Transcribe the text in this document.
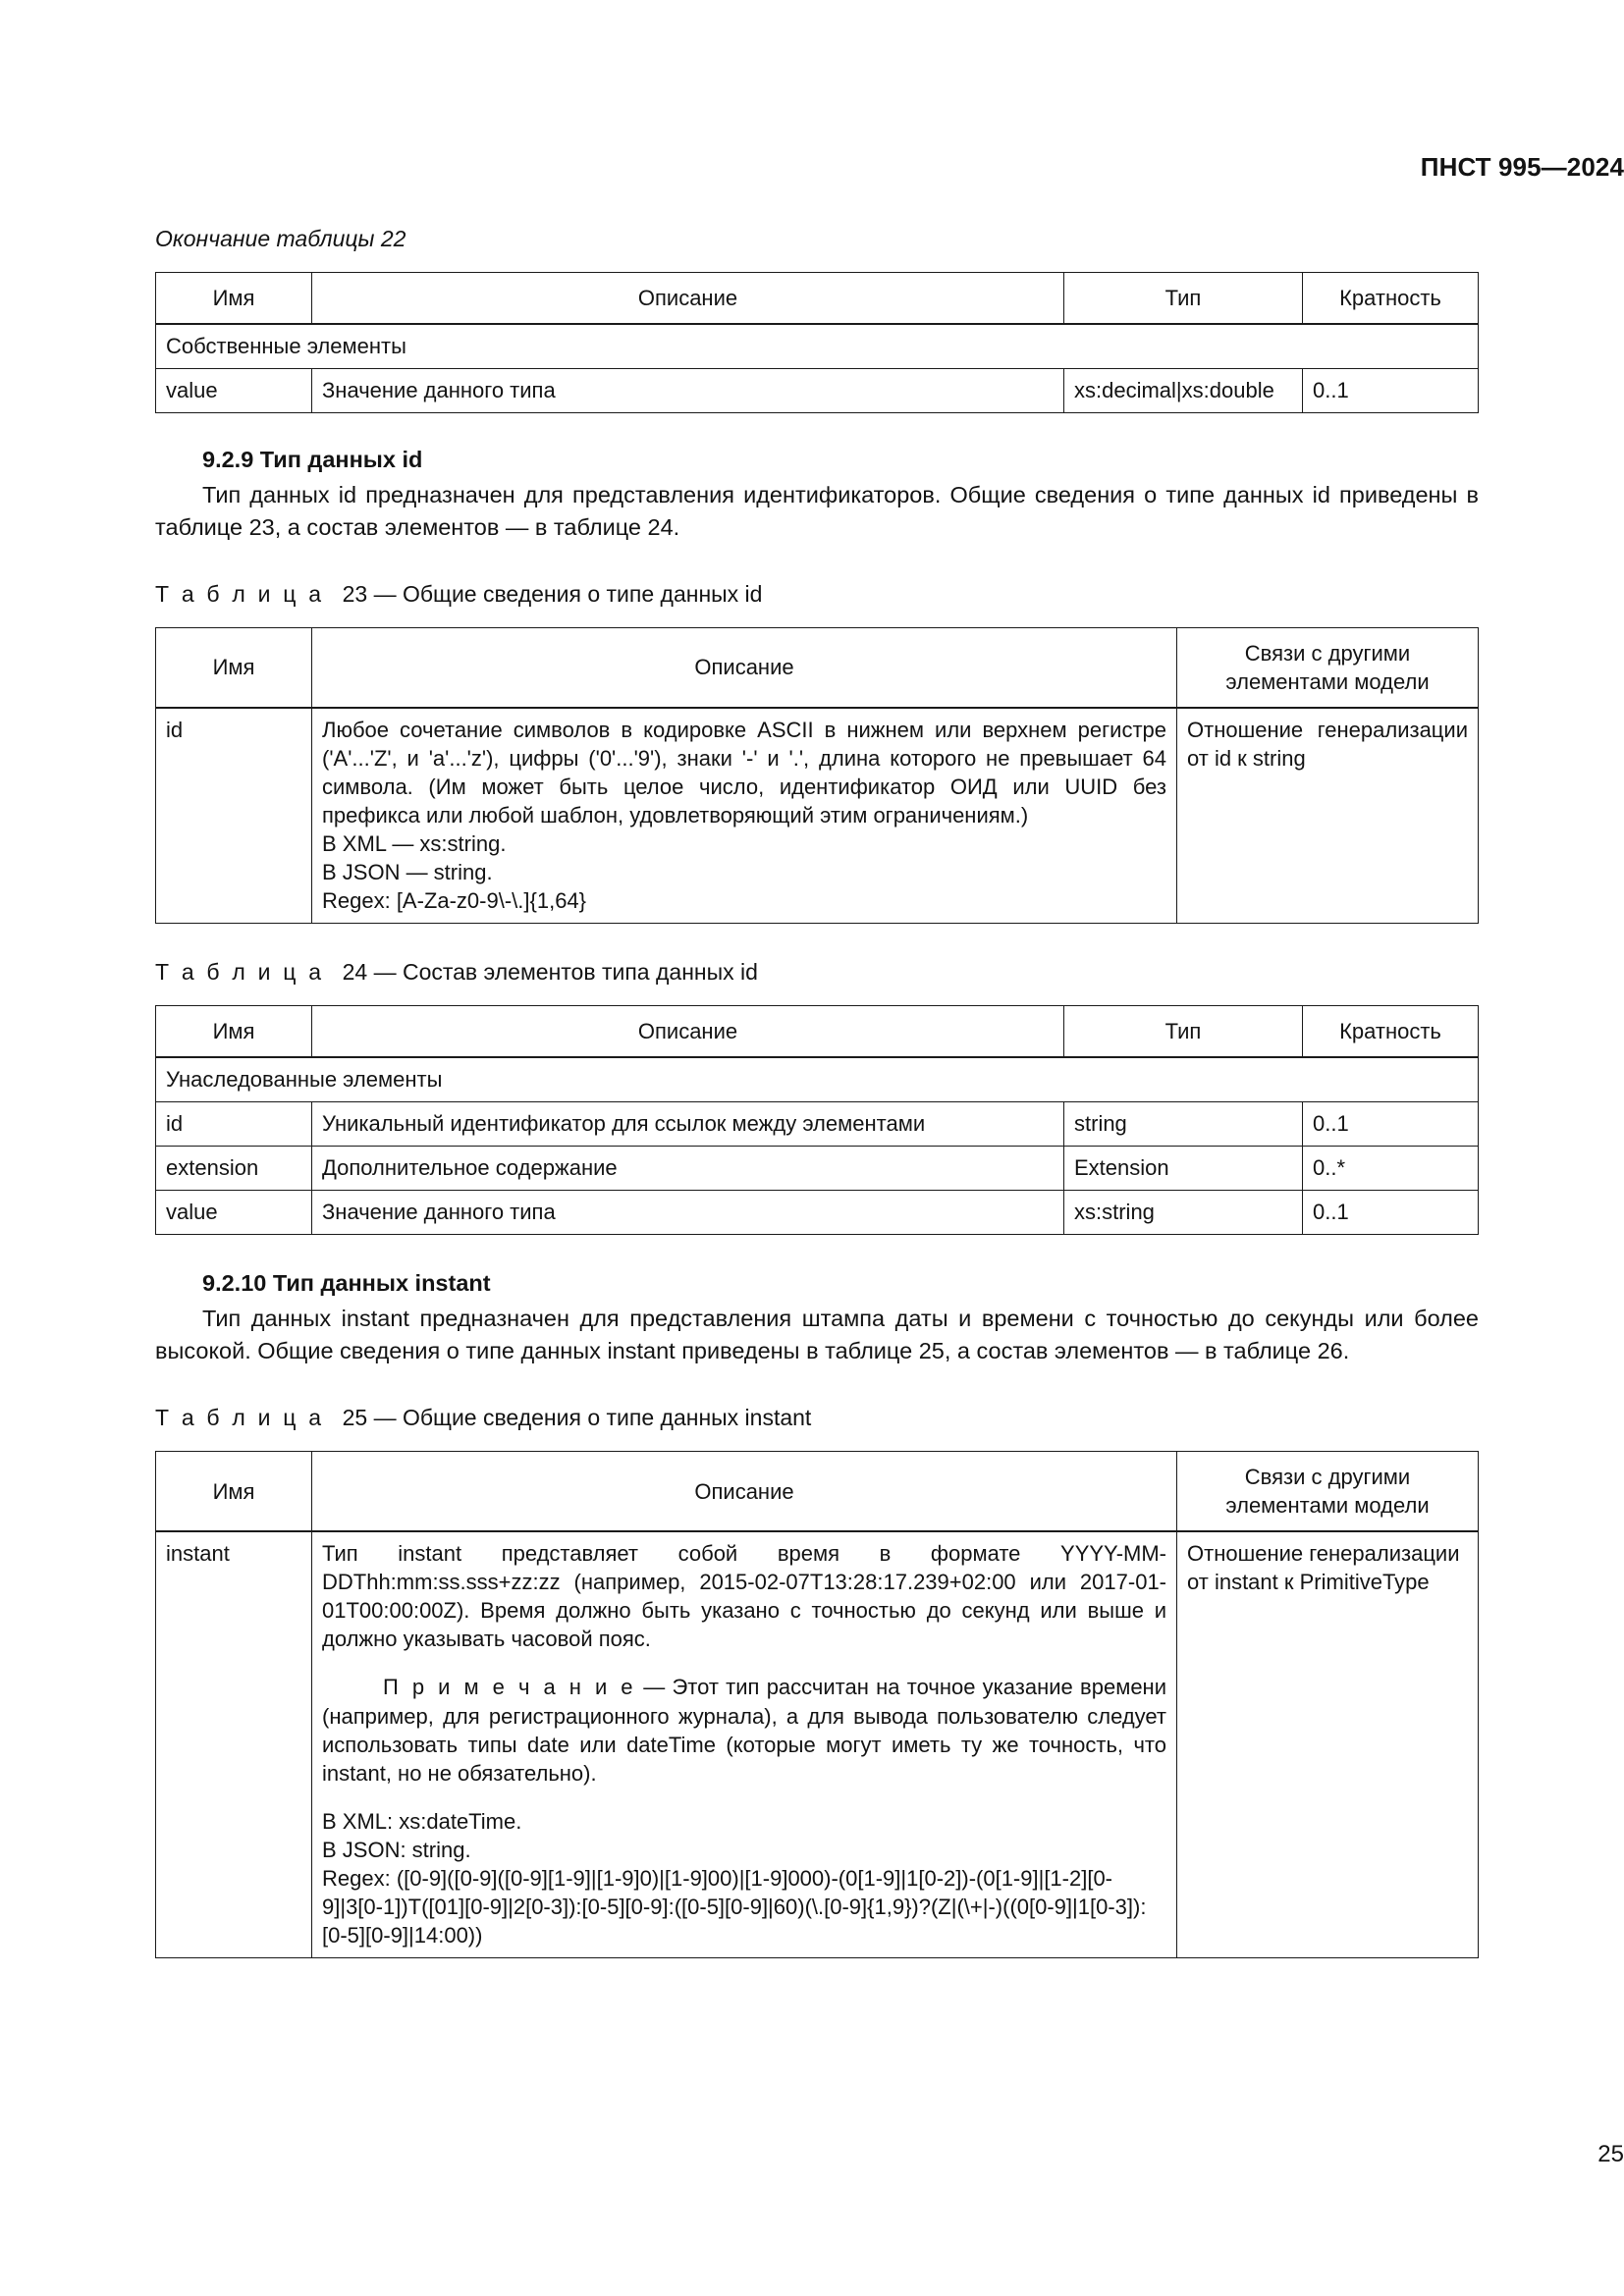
ПНСТ 995—2024

Окончание таблицы 22

Имя	Описание	Тип	Кратность
Собственные элементы			
value	Значение данного типа	xs:decimal|xs:double	0..1

9.2.9 Тип данных id

Тип данных id предназначен для представления идентификаторов. Общие сведения о типе данных id приведены в таблице 23, а состав элементов — в таблице 24.

Т а б л и ц а 23 — Общие сведения о типе данных id

Имя	Описание	Связи с другими
элементами модели

id	Любое сочетание символов в кодировке ASCII в нижнем или верхнем регистре ('A'...'Z', и 'a'...'z'), цифры ('0'...'9'), знаки '-' и '.', длина которого не превышает 64 символа. (Им может быть целое число, идентификатор ОИД или UUID без префикса или любой шаблон, удовлетворяющий этим ограничениям.)

В XML — xs:string.

В JSON — string.

Regex: [A-Za-z0-9\-\.]{1,64}	Отношение генерализации от id к string

Т а б л и ц а 24 — Состав элементов типа данных id

Имя	Описание	Тип	Кратность
Унаследованные элементы			
id	Уникальный идентификатор для ссылок между элементами	string	0..1
extension	Дополнительное содержание	Extension	0..*
value	Значение данного типа	xs:string	0..1

9.2.10 Тип данных instant

Тип данных instant предназначен для представления штампа даты и времени с точностью до секунды или более высокой. Общие сведения о типе данных instant приведены в таблице 25, а состав элементов — в таблице 26.

Т а б л и ц а 25 — Общие сведения о типе данных instant

Имя	Описание	Связи с другими
элементами модели

instant	Тип instant представляет собой время в формате YYYY-MM-DDThh:mm:ss.sss+zz:zz (например, 2015-02-07T13:28:17.239+02:00 или 2017-01-01T00:00:00Z). Время должно быть указано с точностью до секунд или выше и должно указывать часовой пояс.

П р и м е ч а н и е — Этот тип рассчитан на точное указание времени (например, для регистрационного журнала), а для вывода пользователю следует использовать типы date или dateTime (которые могут иметь ту же точность, что instant, но не обязательно).

В XML: xs:dateTime.

В JSON: string.

Regex: ([0-9]([0-9]([0-9][1-9]|[1-9]0)|[1-9]00)|[1-9]000)-(0[1-9]|1[0-2])-(0[1-9]|[1-2][0-9]|3[0-1])T([01][0-9]|2[0-3]):[0-5][0-9]:([0-5][0-9]|60)(\.[0-9]{1,9})?(Z|(\+|-)((0[0-9]|1[0-3]):[0-5][0-9]|14:00))	Отношение генерализации от instant к PrimitiveType
25
